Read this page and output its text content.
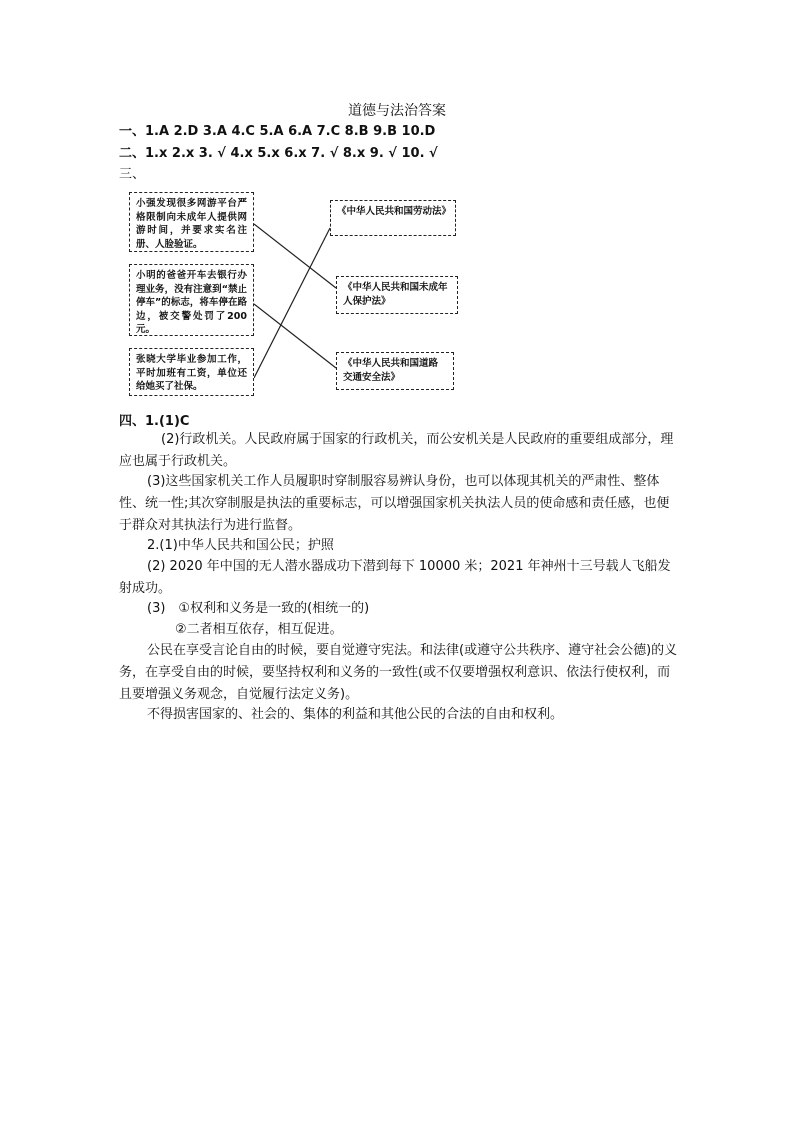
道德与法治答案
一、1.A 2.D 3.A 4.C 5.A 6.A 7.C 8.B 9.B 10.D
二、1.x 2.x 3. √ 4.x 5.x 6.x 7. √ 8.x 9. √ 10. √
三、
小强发现很多网游平台严格限制向未成年人提供网游时间，并要求实名注册、人脸验证。
小明的爸爸开车去银行办理业务，没有注意到“禁止停车”的标志，将车停在路边，被交警处罚了200元。
张晓大学毕业参加工作，平时加班有工资，单位还给她买了社保。
《中华人民共和国劳动法》
《中华人民共和国未成年人保护法》
《中华人民共和国道路交通安全法》
四、1.(1)C
(2)行政机关。人民政府属于国家的行政机关，而公安机关是人民政府的重要组成部分，理应也属于行政机关。
(3)这些国家机关工作人员履职时穿制服容易辨认身份，也可以体现其机关的严肃性、整体性、统一性;其次穿制服是执法的重要标志，可以增强国家机关执法人员的使命感和责任感，也便于群众对其执法行为进行监督。
2.(1)中华人民共和国公民；护照
(2) 2020 年中国的无人潜水器成功下潜到每下 10000 米；2021 年神州十三号载人飞船发射成功。
(3)　①权利和义务是一致的(相统一的)
②二者相互依存，相互促进。
公民在享受言论自由的时候，要自觉遵守宪法。和法律(或遵守公共秩序、遵守社会公德)的义务，在享受自由的时候，要坚持权利和义务的一致性(或不仅要增强权利意识、依法行使权利，而且要增强义务观念，自觉履行法定义务)。
不得损害国家的、社会的、集体的利益和其他公民的合法的自由和权利。
